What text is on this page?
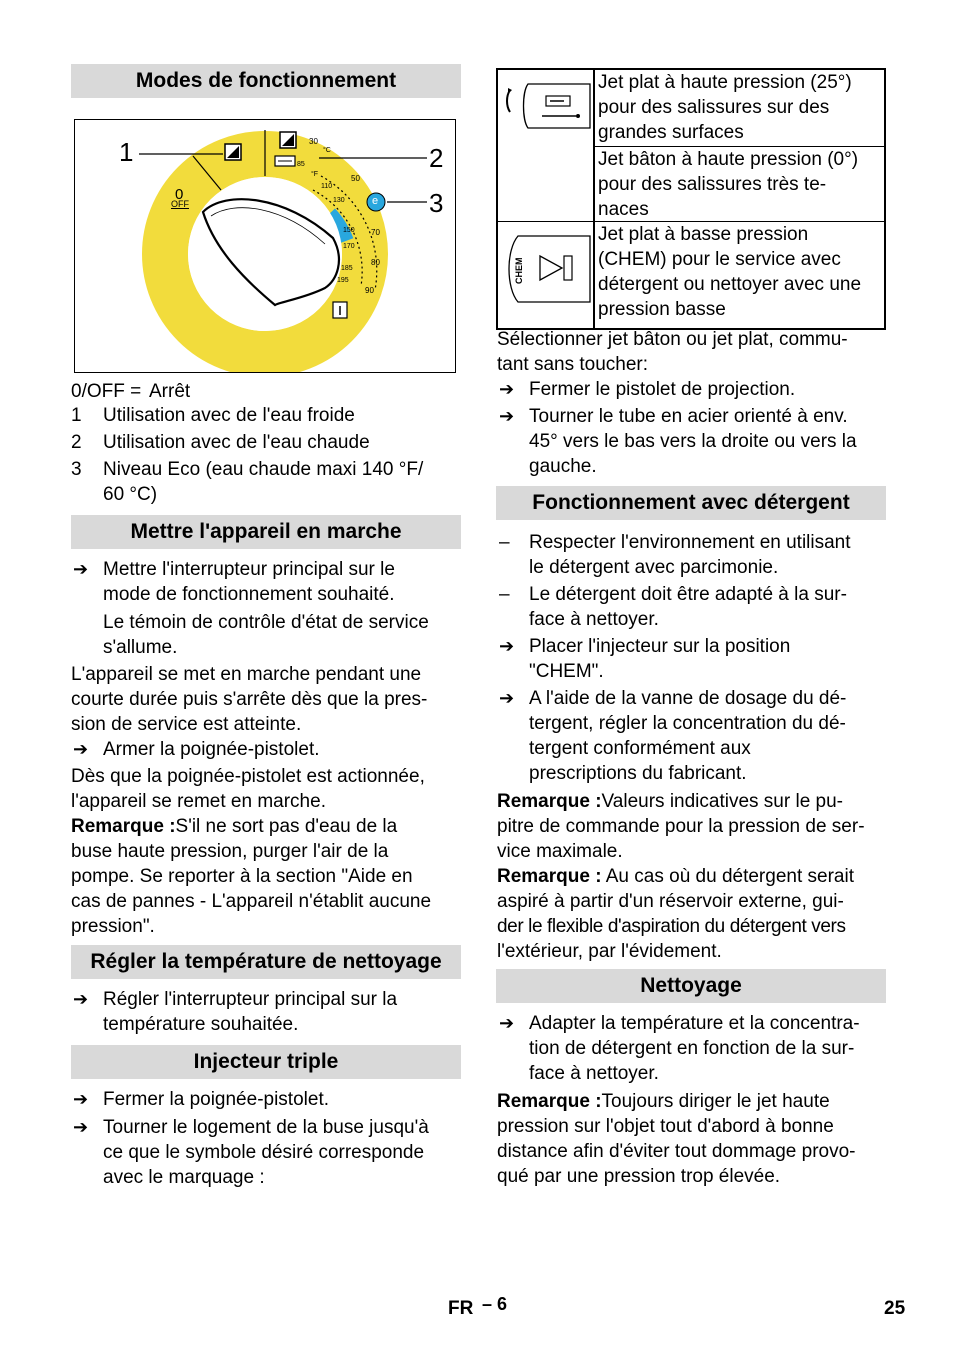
Modes de fonctionnement
1	2
3
0
OFF
30
50
70
80
90
85
110
130
150
170
185
195
°C
°F
e
0/OFF = Arrêt
1 Utilisation avec de l'eau froide
2 Utilisation avec de l'eau chaude
3 Niveau Eco (eau chaude maxi 140 °F/
60 °C)
Mettre l'appareil en marche
➔ Mettre l'interrupteur principal sur le
mode de fonctionnement souhaité.
Le témoin de contrôle d'état de service
s'allume.
L'appareil se met en marche pendant une
courte durée puis s'arrête dès que la pres-
sion de service est atteinte.
➔ Armer la poignée-pistolet.
Dès que la poignée-pistolet est actionnée,
l'appareil se remet en marche.
Remarque :S'il ne sort pas d'eau de la
buse haute pression, purger l'air de la
pompe. Se reporter à la section "Aide en
cas de pannes - L'appareil n'établit aucune
pression".
Régler la température de nettoyage
➔ Régler l'interrupteur principal sur la
température souhaitée.
Injecteur triple
➔ Fermer la poignée-pistolet.
➔ Tourner le logement de la buse jusqu'à
ce que le symbole désiré corresponde
avec le marquage :
Jet plat à haute pression (25°)
pour des salissures sur des
grandes surfaces
Jet bâton à haute pression (0°)
pour des salissures très te-
naces
CHEM
Jet plat à basse pression
(CHEM) pour le service avec
détergent ou nettoyer avec une
pression basse
Sélectionner jet bâton ou jet plat, commu-
tant sans toucher:
➔ Fermer le pistolet de projection.
➔ Tourner le tube en acier orienté à env.
45° vers le bas vers la droite ou vers la
gauche.
Fonctionnement avec détergent
– Respecter l'environnement en utilisant
le détergent avec parcimonie.
– Le détergent doit être adapté à la sur-
face à nettoyer.
➔ Placer l'injecteur sur la position
"CHEM".
➔ A l'aide de la vanne de dosage du dé-
tergent, régler la concentration du dé-
tergent conformément aux
prescriptions du fabricant.
Remarque :Valeurs indicatives sur le pu-
pitre de commande pour la pression de ser-
vice maximale.
Remarque : Au cas où du détergent serait
aspiré à partir d'un réservoir externe, gui-
der le flexible d'aspiration du détergent vers
l'extérieur, par l'évidement.
Nettoyage
➔ Adapter la température et la concentra-
tion de détergent en fonction de la sur-
face à nettoyer.
Remarque :Toujours diriger le jet haute
pression sur l'objet tout d'abord à bonne
distance afin d'éviter tout dommage provo-
qué par une pression trop élevée.
FR – 6	25
